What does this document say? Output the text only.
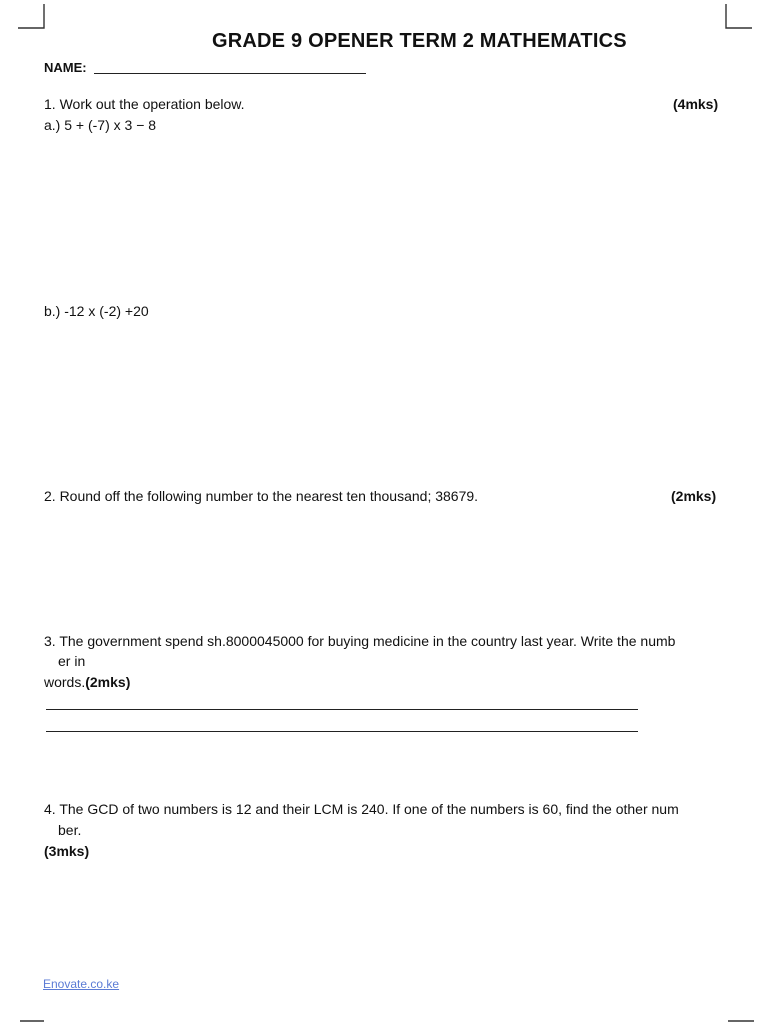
GRADE 9 OPENER TERM 2 MATHEMATICS
NAME:
1. Work out the operation below.	(4mks)
a.) 5 + (-7) x 3 − 8
b.) -12 x (-2) +20
2. Round off the following number to the nearest ten thousand; 38679.	(2mks)
3. The government spend sh.8000045000 for buying medicine in the country last year. Write the numb
er in
words.(2mks)
4. The GCD of two numbers is 12 and their LCM is 240. If one of the numbers is 60, find the other num
ber.
(3mks)
Enovate.co.ke
